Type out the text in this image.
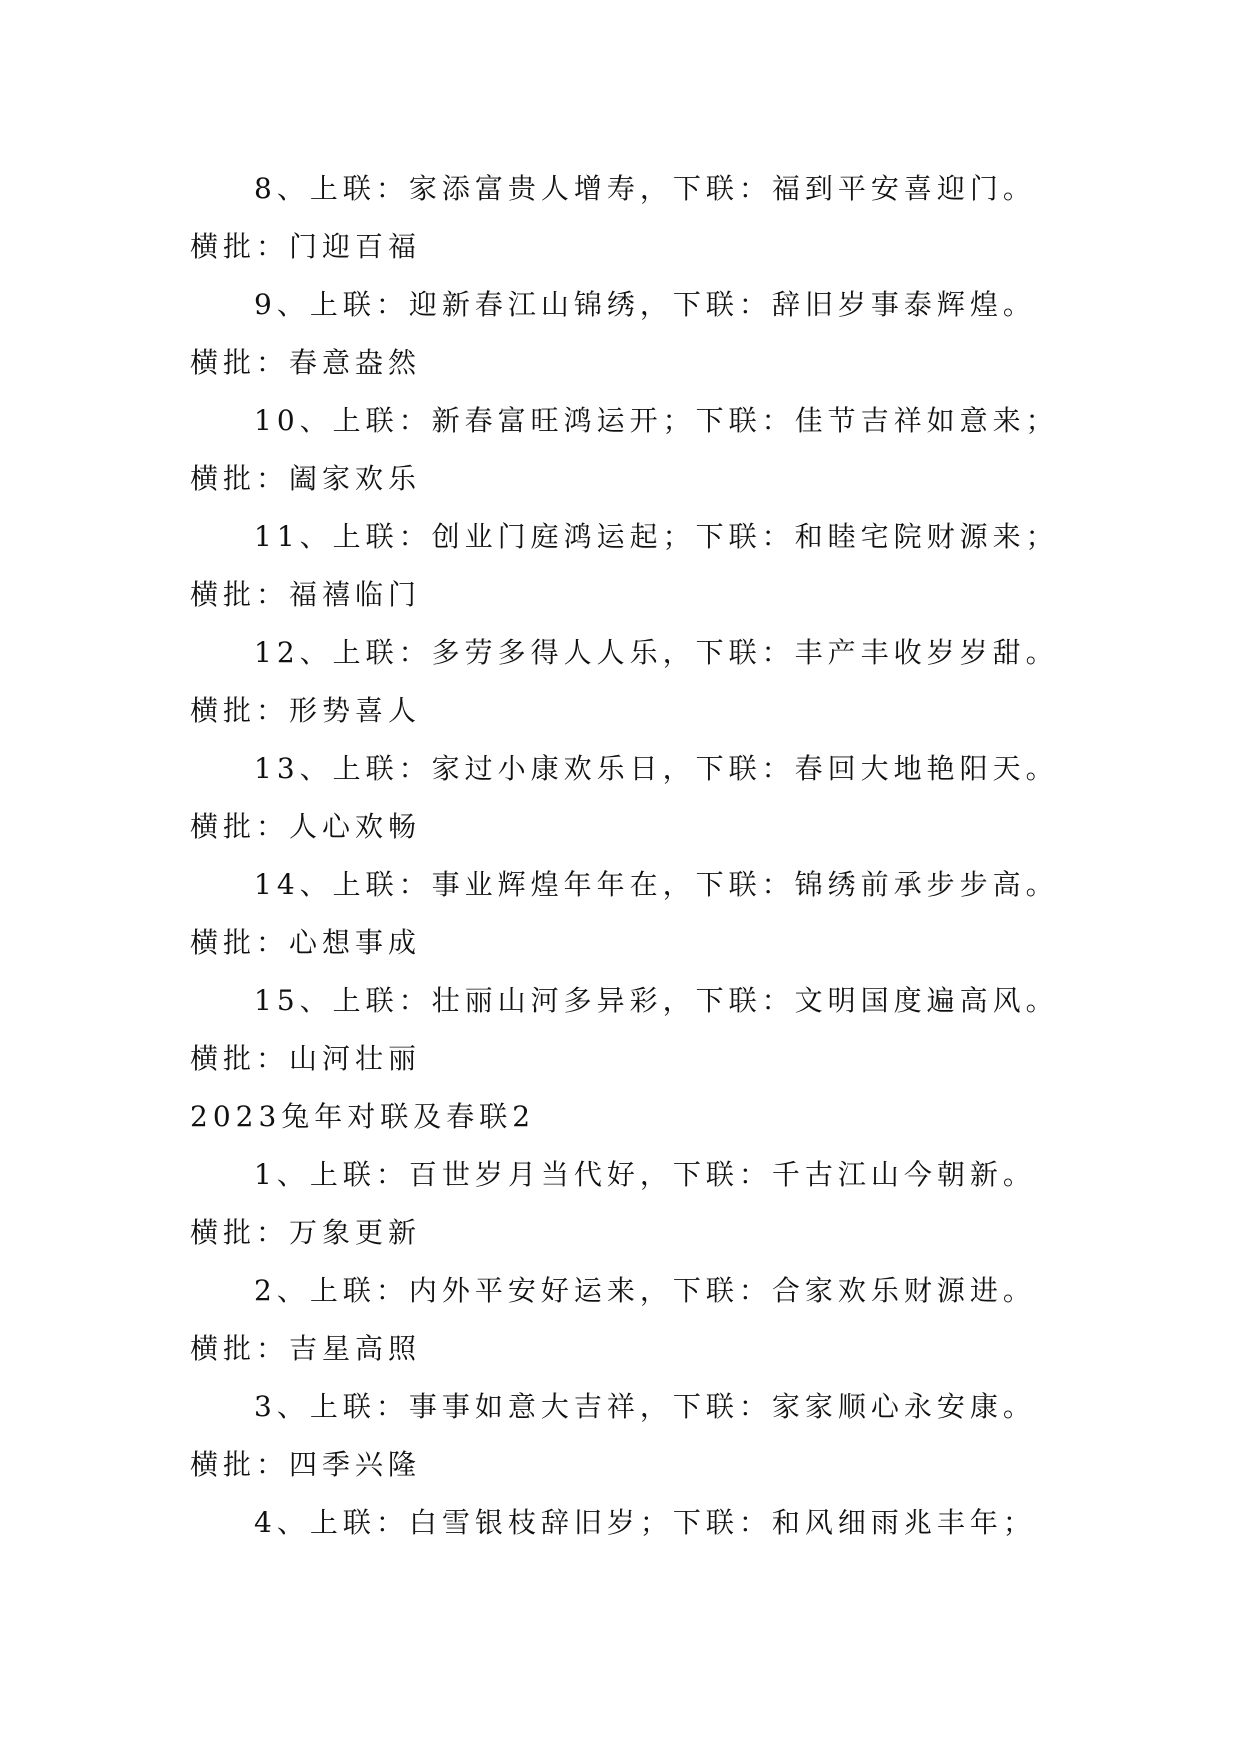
8、上联：家添富贵人增寿，下联：福到平安喜迎门。
横批：门迎百福
9、上联：迎新春江山锦绣，下联：辞旧岁事泰辉煌。
横批：春意盎然
10、上联：新春富旺鸿运开；下联：佳节吉祥如意来；
横批：阖家欢乐
11、上联：创业门庭鸿运起；下联：和睦宅院财源来；
横批：福禧临门
12、上联：多劳多得人人乐，下联：丰产丰收岁岁甜。
横批：形势喜人
13、上联：家过小康欢乐日，下联：春回大地艳阳天。
横批：人心欢畅
14、上联：事业辉煌年年在，下联：锦绣前承步步高。
横批：心想事成
15、上联：壮丽山河多异彩，下联：文明国度遍高风。
横批：山河壮丽
2023兔年对联及春联2
1、上联：百世岁月当代好，下联：千古江山今朝新。
横批：万象更新
2、上联：内外平安好运来，下联：合家欢乐财源进。
横批：吉星高照
3、上联：事事如意大吉祥，下联：家家顺心永安康。
横批：四季兴隆
4、上联：白雪银枝辞旧岁；下联：和风细雨兆丰年；
